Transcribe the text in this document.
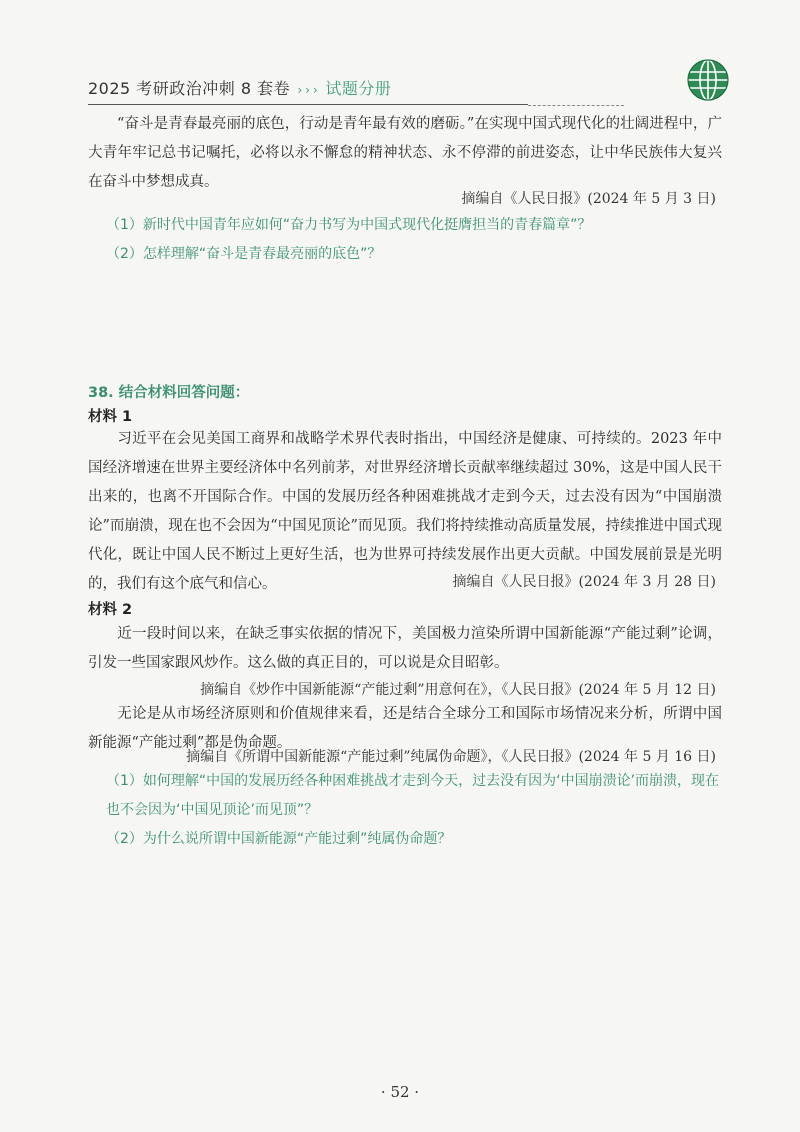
2025 考研政治冲刺 8 套卷 ››› 试题分册

“奋斗是青春最亮丽的底色，行动是青年最有效的磨砺。”在实现中国式现代化的壮阔进程中，广大青年牢记总书记嘱托，必将以永不懈怠的精神状态、永不停滞的前进姿态，让中华民族伟大复兴在奋斗中梦想成真。

摘编自《人民日报》(2024 年 5 月 3 日)

（1）新时代中国青年应如何“奋力书写为中国式现代化挺膺担当的青春篇章”？

（2）怎样理解“奋斗是青春最亮丽的底色”？

38. 结合材料回答问题：
材料 1

习近平在会见美国工商界和战略学术界代表时指出，中国经济是健康、可持续的。2023 年中国经济增速在世界主要经济体中名列前茅，对世界经济增长贡献率继续超过 30%，这是中国人民干出来的，也离不开国际合作。中国的发展历经各种困难挑战才走到今天，过去没有因为“中国崩溃论”而崩溃，现在也不会因为“中国见顶论”而见顶。我们将持续推动高质量发展，持续推进中国式现代化，既让中国人民不断过上更好生活，也为世界可持续发展作出更大贡献。中国发展前景是光明的，我们有这个底气和信心。	摘编自《人民日报》(2024 年 3 月 28 日)
材料 2

近一段时间以来，在缺乏事实依据的情况下，美国极力渲染所谓中国新能源“产能过剩”论调，引发一些国家跟风炒作。这么做的真正目的，可以说是众目昭彰。

摘编自《炒作中国新能源“产能过剩”用意何在》，《人民日报》(2024 年 5 月 12 日)

无论是从市场经济原则和价值规律来看，还是结合全球分工和国际市场情况来分析，所谓中国新能源“产能过剩”都是伪命题。

摘编自《所谓中国新能源“产能过剩”纯属伪命题》，《人民日报》(2024 年 5 月 16 日)

（1）如何理解“中国的发展历经各种困难挑战才走到今天，过去没有因为‘中国崩溃论’而崩溃，现在也不会因为‘中国见顶论’而见顶”？

（2）为什么说所谓中国新能源“产能过剩”纯属伪命题？

· 52 ·
